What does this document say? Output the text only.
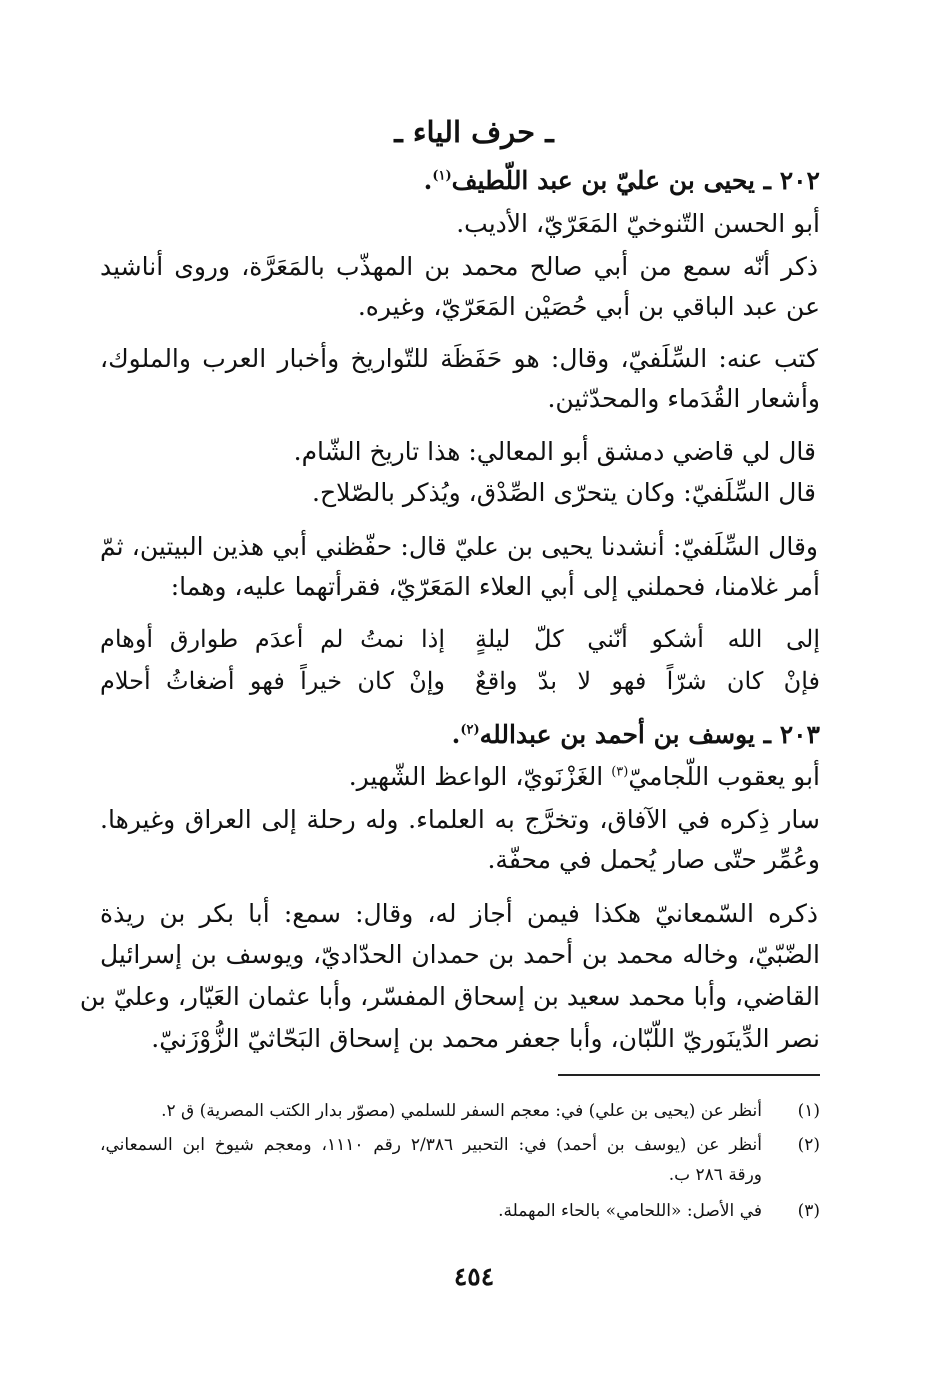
ـ حرف الياء ـ
٢٠٢ ـ يحيى بن عليّ بن عبد اللّطيف$^{(١)}$.
أبو الحسن التّنوخيّ المَعَرّيّ، الأديب.
ذكر أنّه سمع من أبي صالح محمد بن المهذّب بالمَعَرَّة، وروى أناشيد
عن عبد الباقي بن أبي حُصَيْن المَعَرّيّ، وغيره.
كتب عنه: السِّلَفيّ، وقال: هو حَفَظَة للتّواريخ وأخبار العرب والملوك،
وأشعار القُدَماء والمحدّثين.
قال لي قاضي دمشق أبو المعالي: هذا تاريخ الشّام.
قال السِّلَفيّ: وكان يتحرّى الصِّدْق، ويُذكر بالصّلاح.
وقال السِّلَفيّ: أنشدنا يحيى بن عليّ قال: حفّظني أبي هذين البيتين، ثمّ
أمر غلامنا، فحملني إلى أبي العلاء المَعَرّيّ، فقرأتهما عليه، وهما:
إلى الله أشكو أنّني كلّ ليلةٍ
إذا نمتُ لم أعدَم طوارق أوهام
فإنْ كان شرّاً فهو لا بدّ واقعٌ
وإنْ كان خيراً فهو أضغاثُ أحلام
٢٠٣ ـ يوسف بن أحمد بن عبدالله$^{(٢)}$.
أبو يعقوب اللّجاميّ$^{(٣)}$ الغَزْنَويّ، الواعظ الشّهير.
سار ذِكره في الآفاق، وتخرَّج به العلماء. وله رحلة إلى العراق وغيرها.
وعُمِّر حتّى صار يُحمل في محفّة.
ذكره السّمعانيّ هكذا فيمن أجاز له، وقال: سمع: أبا بكر بن ريذة
الضّبّيّ، وخاله محمد بن أحمد بن حمدان الحدّاديّ، ويوسف بن إسرائيل
القاضي، وأبا محمد سعيد بن إسحاق المفسّر، وأبا عثمان العَيّار، وعليّ بن
نصر الدِّينَوريّ اللّبّان، وأبا جعفر محمد بن إسحاق البَحّاثيّ الزُّوْزَنيّ.
(١)
أنظر عن (يحيى بن علي) في: معجم السفر للسلمي (مصوّر بدار الكتب المصرية) ق ٢.
(٢)
أنظر عن (يوسف بن أحمد) في: التحبير ٢/٣٨٦ رقم ١١١٠، ومعجم شيوخ ابن السمعاني،
ورقة ٢٨٦ ب.
(٣)
في الأصل: «اللحامي» بالحاء المهملة.
٤٥٤
